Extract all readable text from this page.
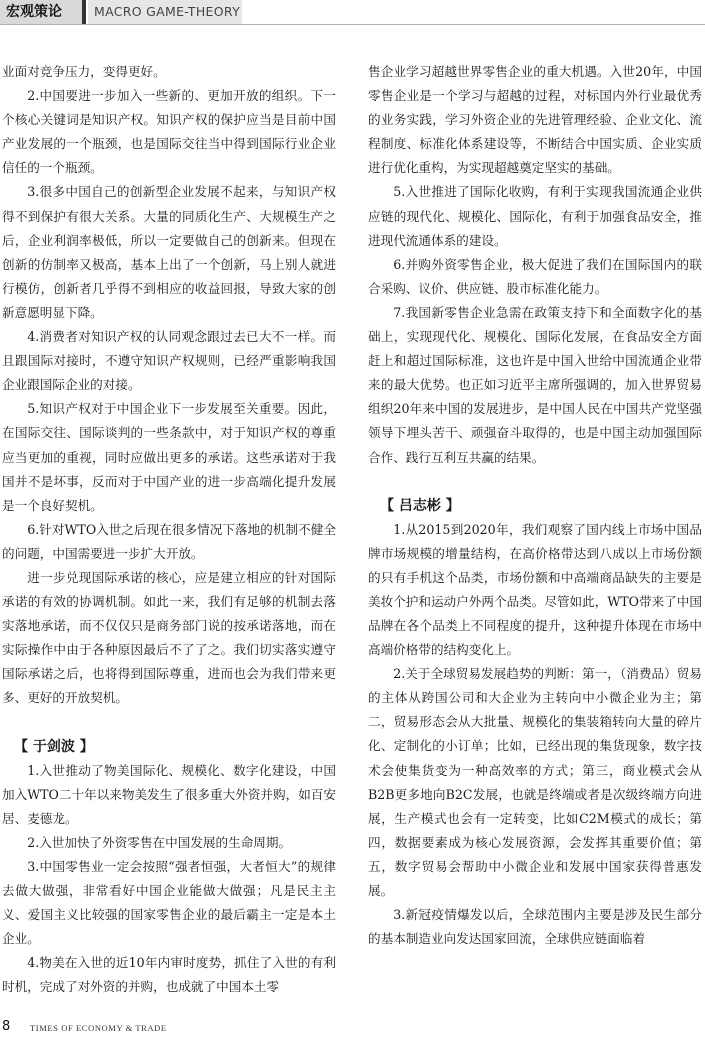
宏观策论	MACRO GAME-THEORY

业面对竞争压力，变得更好。

2.中国要进一步加入一些新的、更加开放的组织。下一个核心关键词是知识产权。知识产权的保护应当是目前中国产业发展的一个瓶颈，也是国际交往当中得到国际行业企业信任的一个瓶颈。

3.很多中国自己的创新型企业发展不起来，与知识产权得不到保护有很大关系。大量的同质化生产、大规模生产之后，企业利润率极低，所以一定要做自己的创新来。但现在创新的仿制率又极高，基本上出了一个创新，马上别人就进行模仿，创新者几乎得不到相应的收益回报，导致大家的创新意愿明显下降。

4.消费者对知识产权的认同观念跟过去已大不一样。而且跟国际对接时，不遵守知识产权规则，已经严重影响我国企业跟国际企业的对接。

5.知识产权对于中国企业下一步发展至关重要。因此，在国际交往、国际谈判的一些条款中，对于知识产权的尊重应当更加的重视，同时应做出更多的承诺。这些承诺对于我国并不是坏事，反而对于中国产业的进一步高端化提升发展是一个良好契机。

6.针对WTO入世之后现在很多情况下落地的机制不健全的问题，中国需要进一步扩大开放。

进一步兑现国际承诺的核心，应是建立相应的针对国际承诺的有效的协调机制。如此一来，我们有足够的机制去落实落地承诺，而不仅仅只是商务部门说的按承诺落地，而在实际操作中由于各种原因最后不了了之。我们切实落实遵守国际承诺之后，也将得到国际尊重，进而也会为我们带来更多、更好的开放契机。

【 于剑波 】

1.入世推动了物美国际化、规模化、数字化建设，中国加入WTO二十年以来物美发生了很多重大外资并购，如百安居、麦德龙。

2.入世加快了外资零售在中国发展的生命周期。

3.中国零售业一定会按照“强者恒强，大者恒大”的规律去做大做强，非常看好中国企业能做大做强；凡是民主主义、爱国主义比较强的国家零售企业的最后霸主一定是本土企业。

4.物美在入世的近10年内审时度势，抓住了入世的有利时机，完成了对外资的并购，也成就了中国本土零

售企业学习超越世界零售企业的重大机遇。入世20年，中国零售企业是一个学习与超越的过程，对标国内外行业最优秀的业务实践，学习外资企业的先进管理经验、企业文化、流程制度、标准化体系建设等，不断结合中国实质、企业实质进行优化重构，为实现超越奠定坚实的基础。

5.入世推进了国际化收购，有利于实现我国流通企业供应链的现代化、规模化、国际化，有利于加强食品安全，推进现代流通体系的建设。

6.并购外资零售企业，极大促进了我们在国际国内的联合采购、议价、供应链、股市标准化能力。

7.我国新零售企业急需在政策支持下和全面数字化的基础上，实现现代化、规模化、国际化发展，在食品安全方面赶上和超过国际标准，这也许是中国入世给中国流通企业带来的最大优势。也正如习近平主席所强调的，加入世界贸易组织20年来中国的发展进步，是中国人民在中国共产党坚强领导下埋头苦干、顽强奋斗取得的，也是中国主动加强国际合作、践行互利互共赢的结果。

【 吕志彬 】

1.从2015到2020年，我们观察了国内线上市场中国品牌市场规模的增量结构，在高价格带达到八成以上市场份额的只有手机这个品类，市场份额和中高端商品缺失的主要是美妆个护和运动户外两个品类。尽管如此，WTO带来了中国品牌在各个品类上不同程度的提升，这种提升体现在市场中高端价格带的结构变化上。

2.关于全球贸易发展趋势的判断：第一，（消费品）贸易的主体从跨国公司和大企业为主转向中小微企业为主；第二，贸易形态会从大批量、规模化的集装箱转向大量的碎片化、定制化的小订单；比如，已经出现的集货现象，数字技术会使集货变为一种高效率的方式；第三，商业模式会从B2B更多地向B2C发展，也就是终端或者是次级终端方向进展，生产模式也会有一定转变，比如C2M模式的成长；第四，数据要素成为核心发展资源，会发挥其重要价值；第五，数字贸易会帮助中小微企业和发展中国家获得普惠发展。

3.新冠疫情爆发以后，全球范围内主要是涉及民生部分的基本制造业向发达国家回流，全球供应链面临着

8 TIMES OF ECONOMY & TRADE
